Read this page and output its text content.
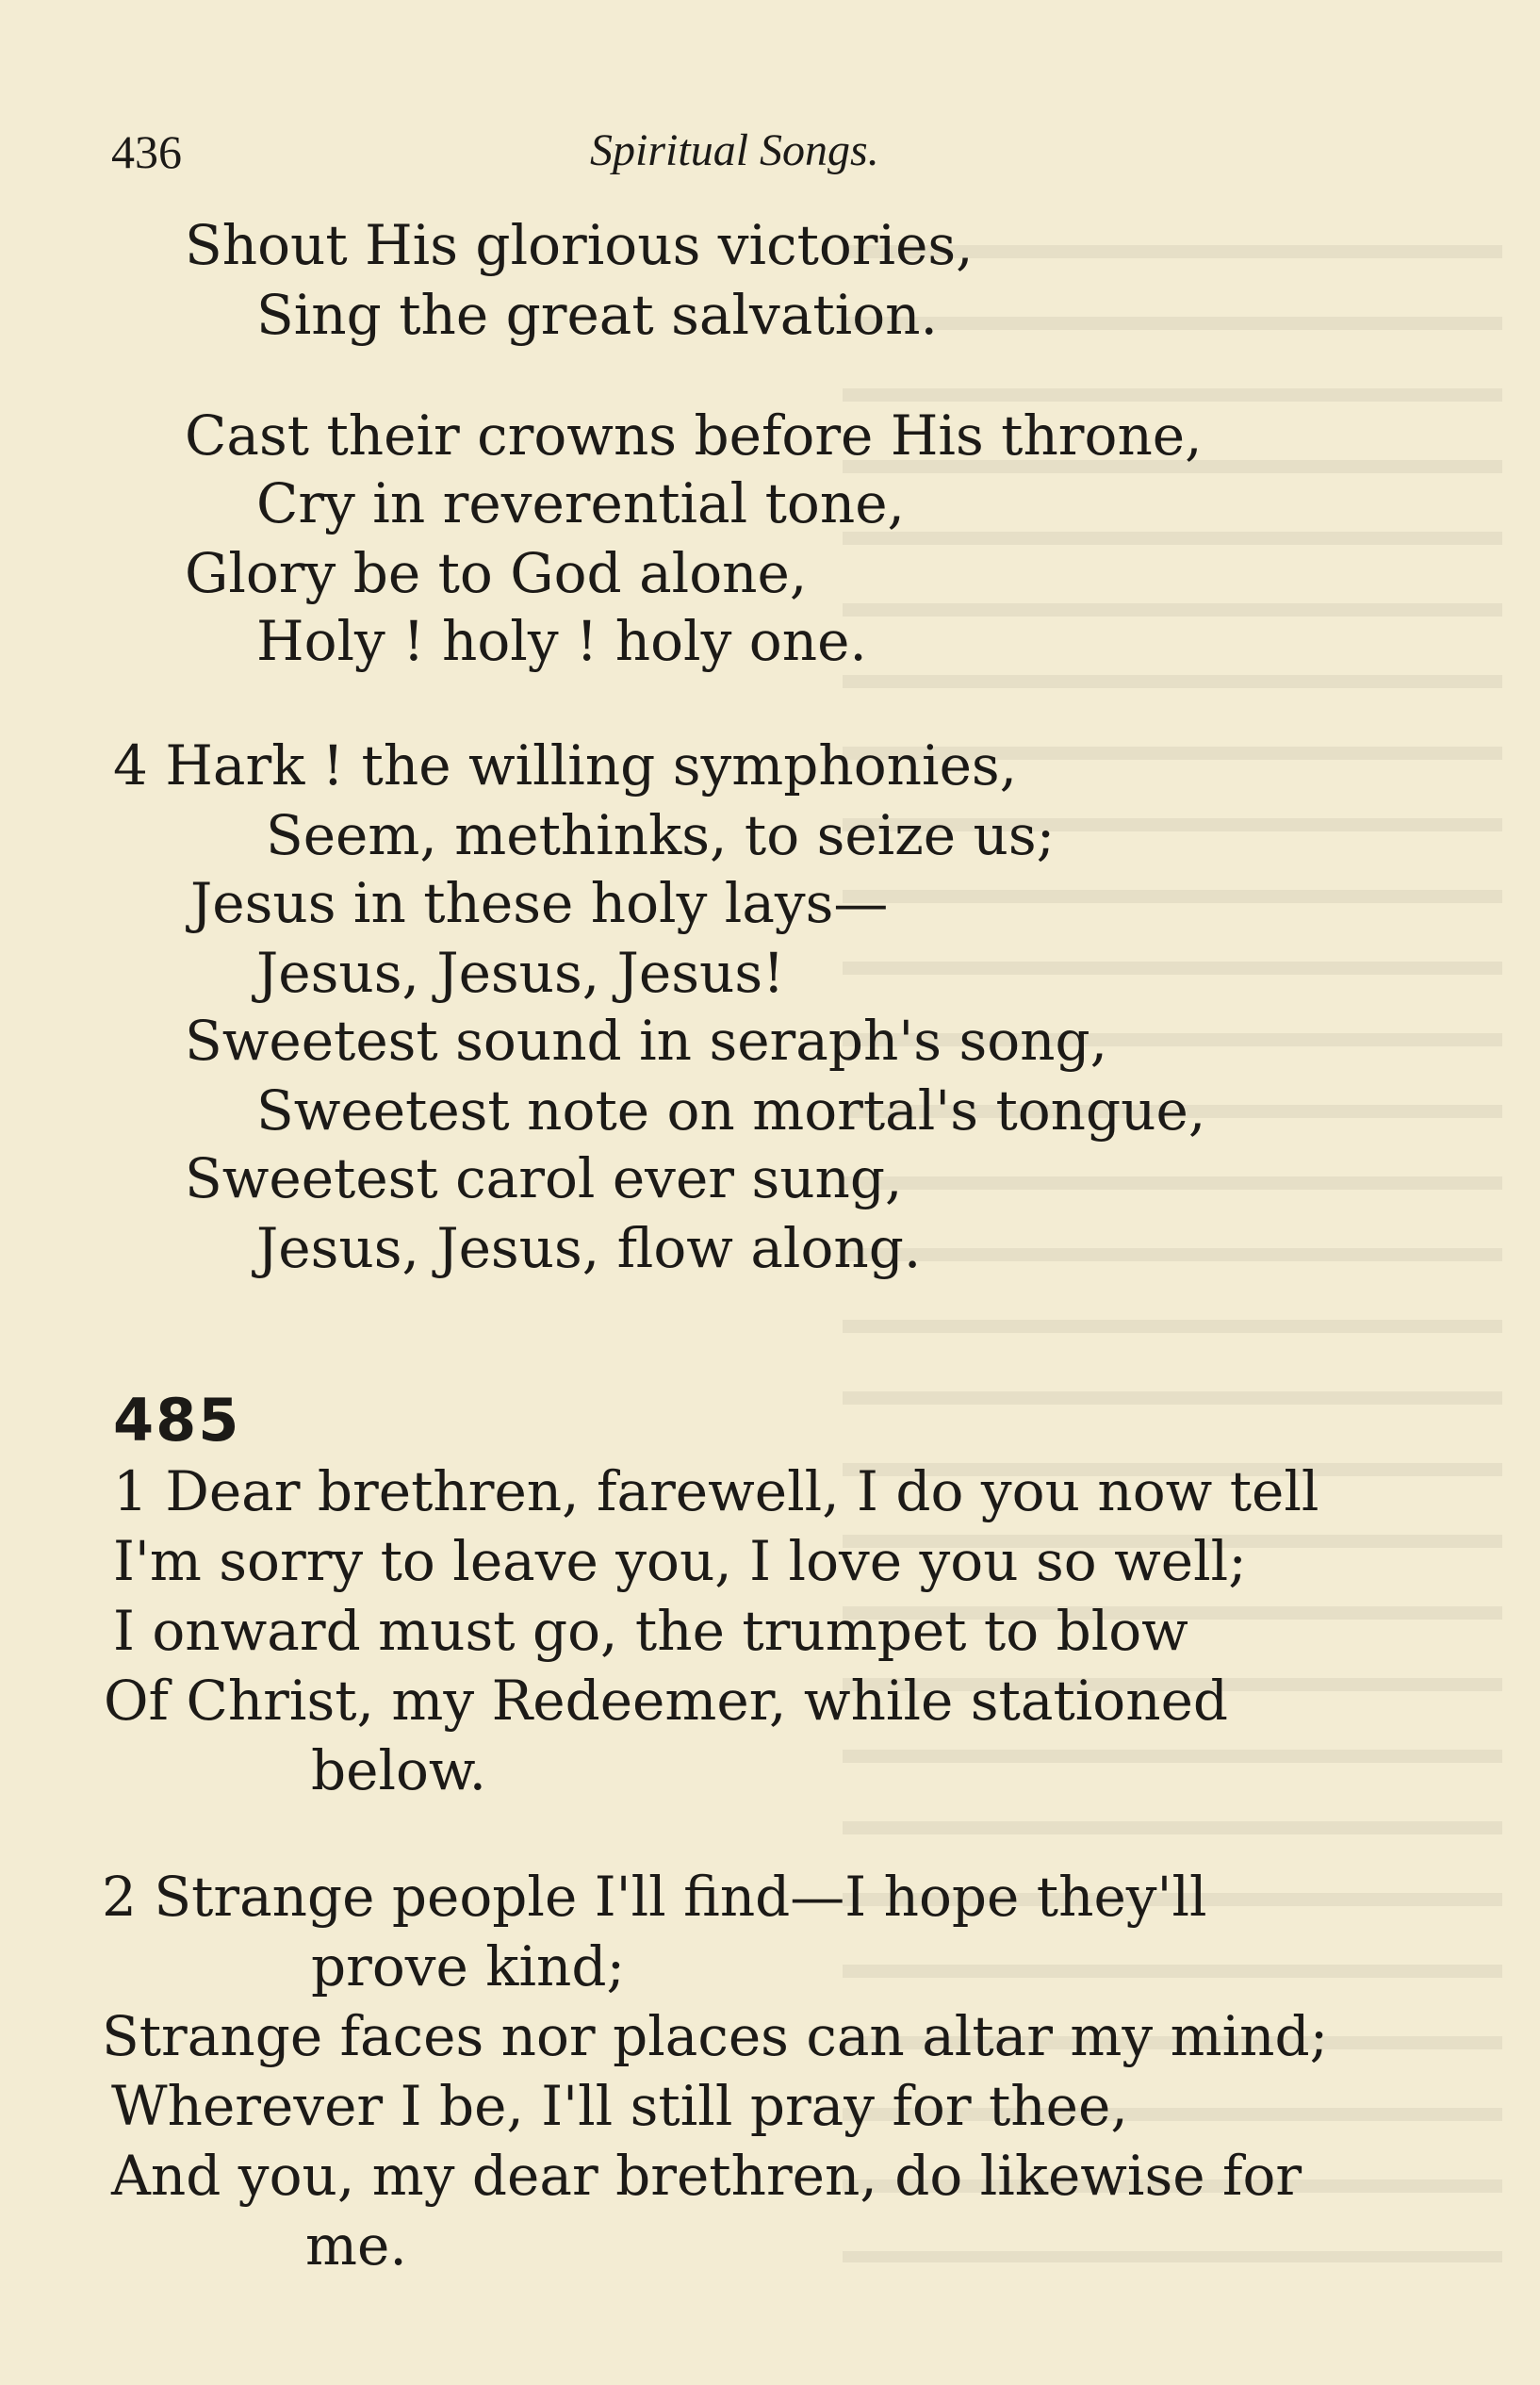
436	Spiritual Songs.
Shout His glorious victories,
Sing the great salvation.
Cast their crowns before His throne,
Cry in reverential tone,
Glory be to God alone,
Holy ! holy ! holy one.
4 Hark ! the willing symphonies,
Seem, methinks, to seize us;
Jesus in these holy lays—
Jesus, Jesus, Jesus!
Sweetest sound in seraph's song,
Sweetest note on mortal's tongue,
Sweetest carol ever sung,
Jesus, Jesus, flow along.
485
1 Dear brethren, farewell, I do you now tell
I'm sorry to leave you, I love you so well;
I onward must go, the trumpet to blow
Of Christ, my Redeemer, while stationed
below.
2 Strange people I'll find—I hope they'll
prove kind;
Strange faces nor places can altar my mind;
Wherever I be, I'll still pray for thee,
And you, my dear brethren, do likewise for
me.
